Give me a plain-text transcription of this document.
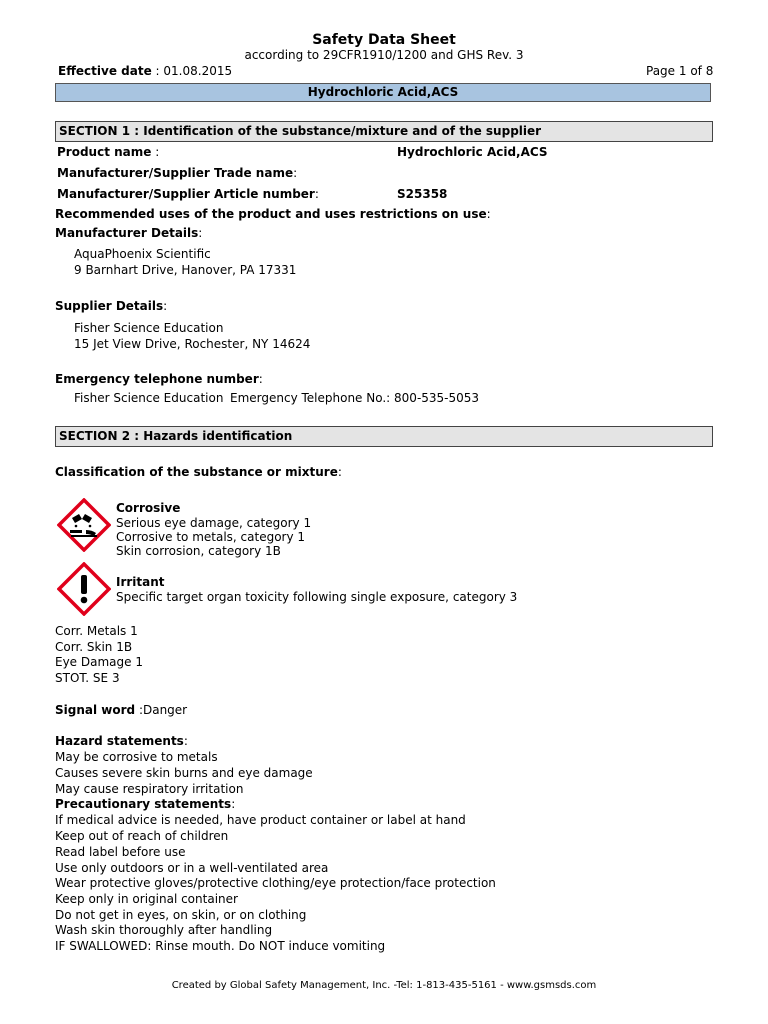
Safety Data Sheet
according to 29CFR1910/1200 and GHS Rev. 3
Effective date : 01.08.2015	Page 1 of 8
Hydrochloric Acid,ACS
SECTION 1 : Identification of the substance/mixture and of the supplier
Product name :	Hydrochloric Acid,ACS
Manufacturer/Supplier Trade name:
Manufacturer/Supplier Article number:	S25358
Recommended uses of the product and uses restrictions on use:
Manufacturer Details:
AquaPhoenix Scientific
9 Barnhart Drive, Hanover, PA 17331
Supplier Details:
Fisher Science Education
15 Jet View Drive, Rochester, NY 14624
Emergency telephone number:
Fisher Science Education Emergency Telephone No.: 800-535-5053
SECTION 2 : Hazards identification
Classification of the substance or mixture:
Corrosive
Serious eye damage, category 1
Corrosive to metals, category 1
Skin corrosion, category 1B
Irritant
Specific target organ toxicity following single exposure, category 3
Corr. Metals 1
Corr. Skin 1B
Eye Damage 1
STOT. SE 3
Signal word :Danger
Hazard statements:
May be corrosive to metals
Causes severe skin burns and eye damage
May cause respiratory irritation
Precautionary statements:
If medical advice is needed, have product container or label at hand
Keep out of reach of children
Read label before use
Use only outdoors or in a well-ventilated area
Wear protective gloves/protective clothing/eye protection/face protection
Keep only in original container
Do not get in eyes, on skin, or on clothing
Wash skin thoroughly after handling
IF SWALLOWED: Rinse mouth. Do NOT induce vomiting
Created by Global Safety Management, Inc. -Tel: 1-813-435-5161 - www.gsmsds.com
